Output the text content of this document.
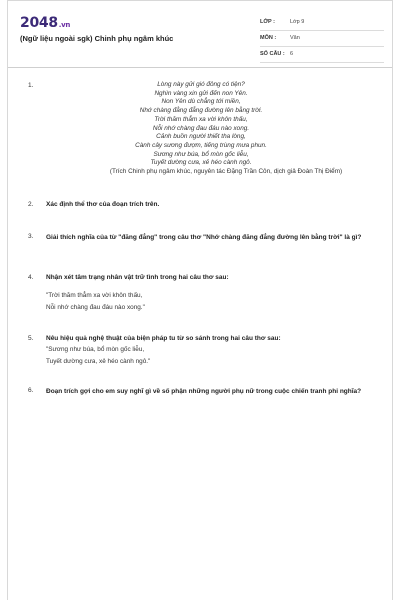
2048.vn
(Ngữ liệu ngoài sgk) Chinh phụ ngâm khúc
LỚP :	Lớp 9
MÔN :	Văn
SỐ CÂU : 6
1.	Lòng này gửi gió đông có tiện?
Nghìn vàng xin gửi đến non Yên.
Non Yên dù chẳng tới miền,
Nhớ chàng đằng đẵng đường lên bằng trời.
Trời thăm thẳm xa vời khôn thấu,
Nỗi nhớ chàng đau đáu nào xong.
Cảnh buồn người thiết tha lòng,
Cành cây sương đượm, tiếng trùng mưa phun.
Sương như búa, bổ mòn gốc liễu,
Tuyết dường cưa, xẻ héo cành ngô.
(Trích Chinh phụ ngâm khúc, nguyên tác Đặng Trần Côn, dịch giả Đoàn Thị Điểm)
2. Xác định thể thơ của đoạn trích trên.
3. Giải thích nghĩa của từ "đăng đẳng" trong câu thơ "Nhớ chàng đăng đẳng đường lên bằng trời" là gì?
4. Nhận xét tâm trạng nhân vật trữ tình trong hai câu thơ sau:
"Trời thăm thẳm xa vời khôn thấu,
Nỗi nhớ chàng đau đáu nào xong."
5. Nêu hiệu quả nghệ thuật của biện pháp tu từ so sánh trong hai câu thơ sau:
"Sương như búa, bổ mòn gốc liễu,
Tuyết dường cưa, xẻ héo cành ngô."
6. Đoạn trích gợi cho em suy nghĩ gì về số phận những người phụ nữ trong cuộc chiến tranh phi nghĩa?
